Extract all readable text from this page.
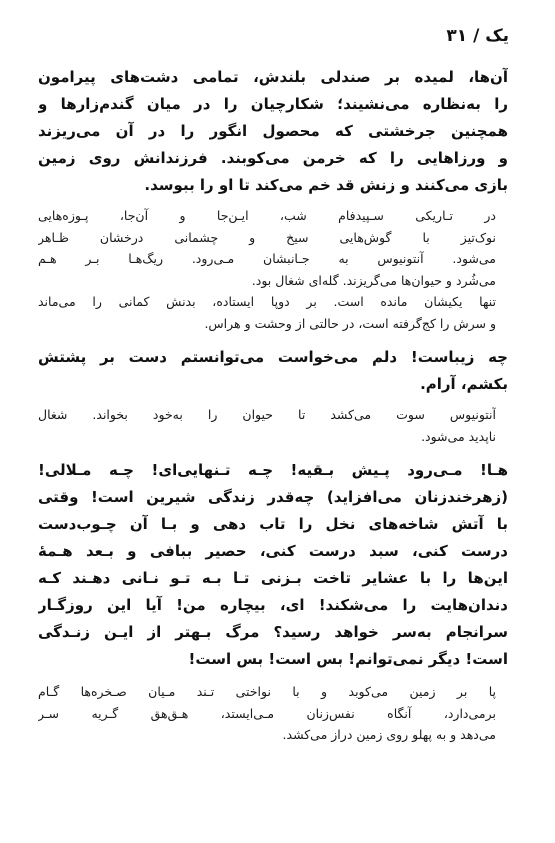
یک / ۳۱

آن‌ها، لمیده بر صندلی بلندش، تمامی دشت‌های پیرامون
را به‌نظاره می‌نشیند؛ شکارچیان را در میان گندم‌زارها و
همچنین جرخشتی که محصول انگور را در آن می‌ریزند
و ورزاهایی را که خرمن می‌کوبند. فرزندانش روی زمین
بازی می‌کنند و زنش قد خم می‌کند تا او را ببوسد.

در تـاریکی سـپیدفام شب، ایـن‌جا و آن‌جا، پـوزه‌هایی
نوک‌تیز با گوش‌هایی سیخ و چشمانی درخشان ظـاهر
می‌شود. آنتونیوس به جـانبشان مـی‌رود. ریگ‌هـا بـر هـم
می‌شُرد و حیوان‌ها می‌گریزند. گله‌ای شغال بود.
تنها یکیشان مانده است. بر دوپا ایستاده، بدنش کمانی را می‌ماند
و سرش را کج‌گرفته است، در حالتی از وحشت و هراس.

چه زیباست! دلم می‌خواست می‌توانستم دست بر پشتش
بکشم، آرام.

آنتونیوس سوت می‌کشد تا حیوان را به‌خود بخواند. شغال
ناپدید می‌شود.

هـا! مـی‌رود پـیش بـقیه! چـه تـنهایی‌ای! چـه مـلالی!
(زهرخندزنان می‌افزاید) چه‌قدر زندگی شیرین است! وقتی
با آتش شاخه‌های نخل را تاب دهی و بـا آن چـوب‌دست
درست کنی، سبد درست کنی، حصیر ببافی و بـعد هـمهٔ
این‌ها را با عشایر تاخت بـزنی تـا بـه تـو نـانی دهـند کـه
دندان‌هایت را می‌شکند! ای، بیچاره من! آیا این روزگـار
سرانجام به‌سر خواهد رسید؟ مرگ بـهتر از ایـن زنـدگی
است! دیگر نمی‌توانم! بس است! بس است!

پا بر زمین می‌کوبد و با نواختی تـند مـیان صـخره‌ها گـام
برمی‌دارد، آنگاه نفس‌زنان مـی‌ایستد، هـق‌هق گـریه سـر
می‌دهد و به پهلو روی زمین دراز می‌کشد.
